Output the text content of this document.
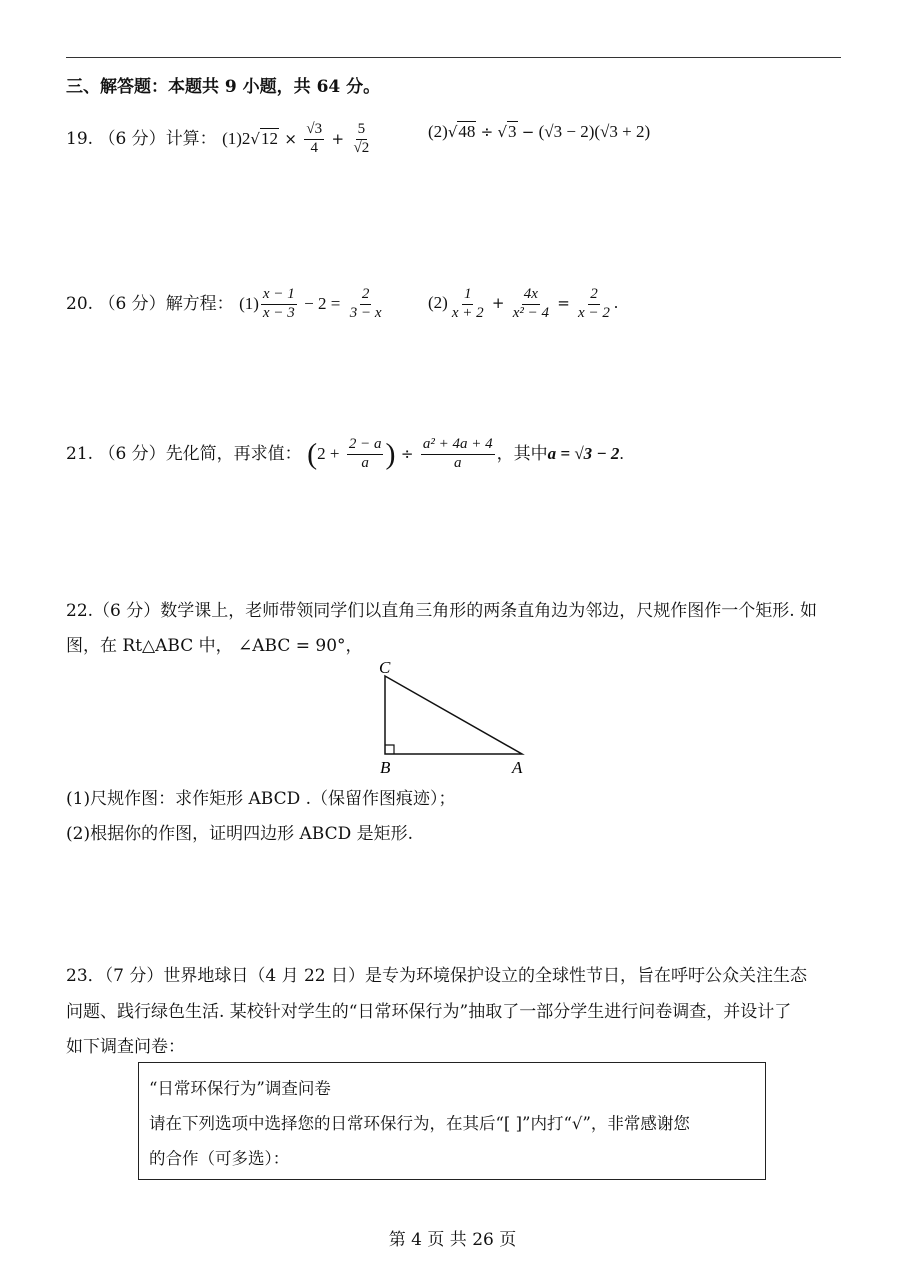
三、解答题：本题共 9 小题，共 64 分。
19. （6 分）计算： $(1)2√12 \times \frac{√3}{4} + \frac{5}{√2}$	(2)√48 ÷ √3 − (√3 − 2)(√3 + 2)
20. （6 分）解方程： $(1) \frac{x - 1}{x - 3} - 2 = \frac{2}{3 - x}$	$(2) \frac{1}{x + 2} + \frac{4x}{\text{x² − 4}} = \frac{2}{x - 2}$ .
21. （6 分）先化简，再求值： ($2 + \frac{2 - a}{a}$ ) ÷ $\frac{\text{a² + 4a + 4}}{a}$ ，其中a = √3 − 2.
22.（6 分）数学课上，老师带领同学们以直角三角形的两条直角边为邻边，尺规作图作一个矩形. 如
图，在 Rt△ABC 中， ∠ABC = 90°，
C
B	A
(1)尺规作图：求作矩形 ABCD .（保留作图痕迹）；
(2)根据你的作图，证明四边形 ABCD 是矩形.
23．（7 分）世界地球日（4 月 22 日）是专为环境保护设立的全球性节日，旨在呼吁公众关注生态
问题、践行绿色生活. 某校针对学生的“日常环保行为”抽取了一部分学生进行问卷调查，并设计了
如下调查问卷：
“日常环保行为”调查问卷
请在下列选项中选择您的日常环保行为，在其后“[ ]”内打“√”，非常感谢您
的合作（可多选）：
第 4 页 共 26 页
